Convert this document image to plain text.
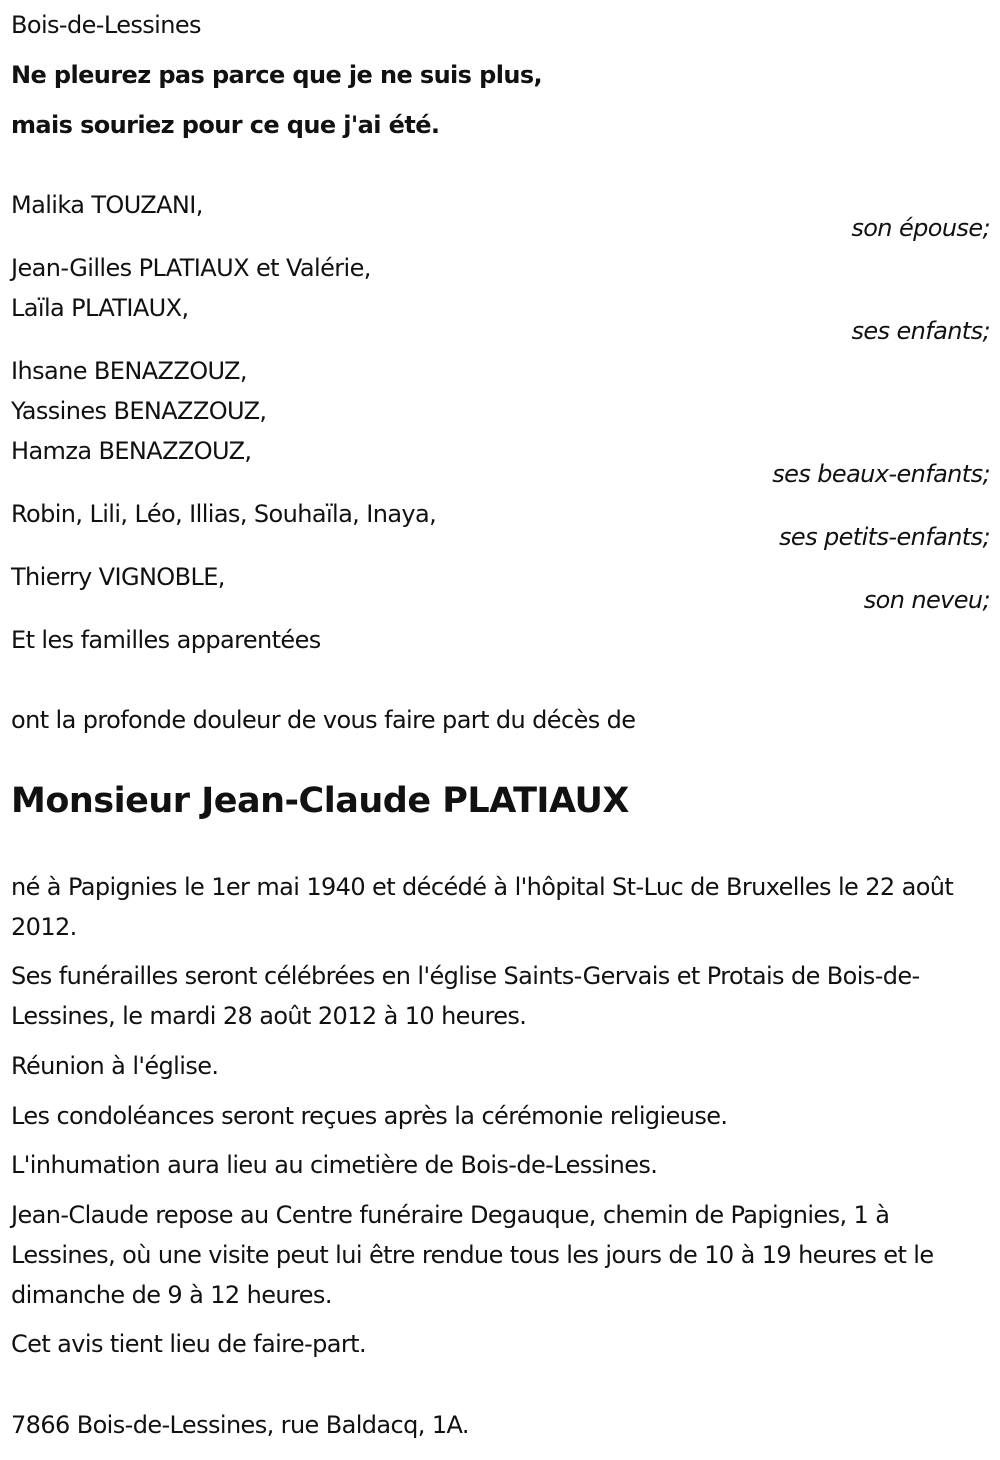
Bois-de-Lessines
Ne pleurez pas parce que je ne suis plus,
mais souriez pour ce que j'ai été.
Malika TOUZANI,
son épouse;
Jean-Gilles PLATIAUX et Valérie,
Laïla PLATIAUX,
ses enfants;
Ihsane BENAZZOUZ,
Yassines BENAZZOUZ,
Hamza BENAZZOUZ,
ses beaux-enfants;
Robin, Lili, Léo, Illias, Souhaïla, Inaya,
ses petits-enfants;
Thierry VIGNOBLE,
son neveu;
Et les familles apparentées
ont la profonde douleur de vous faire part du décès de
Monsieur Jean-Claude PLATIAUX
né à Papignies le 1er mai 1940 et décédé à l'hôpital St-Luc de Bruxelles le 22 août 2012.
Ses funérailles seront célébrées en l'église Saints-Gervais et Protais de Bois-de-Lessines, le mardi 28 août 2012 à 10 heures.
Réunion à l'église.
Les condoléances seront reçues après la cérémonie religieuse.
L'inhumation aura lieu au cimetière de Bois-de-Lessines.
Jean-Claude repose au Centre funéraire Degauque, chemin de Papignies, 1 à Lessines, où une visite peut lui être rendue tous les jours de 10 à 19 heures et le dimanche de 9 à 12 heures.
Cet avis tient lieu de faire-part.
7866 Bois-de-Lessines, rue Baldacq, 1A.
